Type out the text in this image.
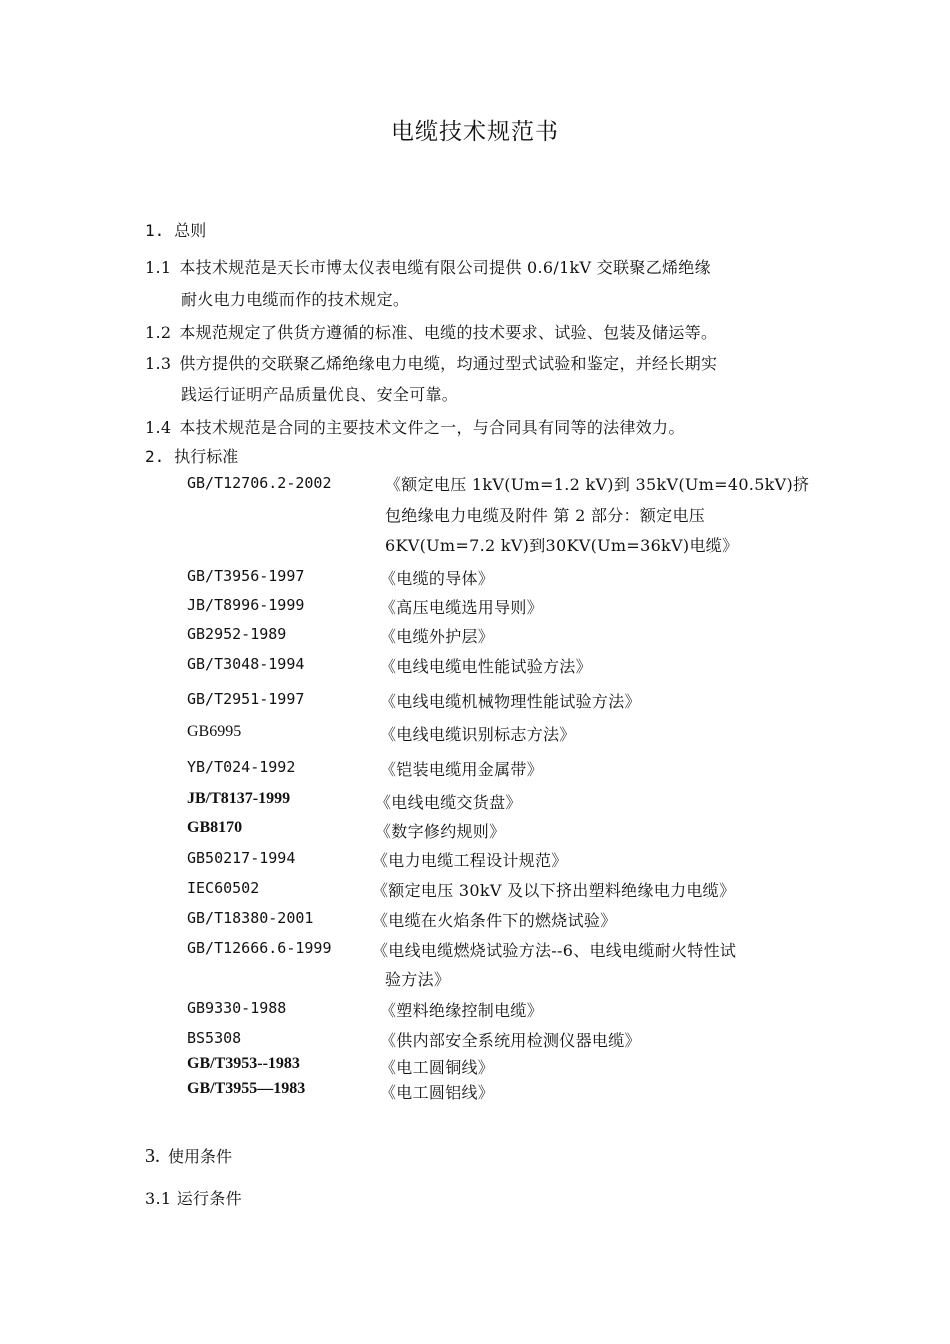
电缆技术规范书
1. 总则
1.1 本技术规范是天长市博太仪表电缆有限公司提供 0.6/1kV 交联聚乙烯绝缘
耐火电力电缆而作的技术规定。
1.2 本规范规定了供货方遵循的标准、电缆的技术要求、试验、包装及储运等。
1.3 供方提供的交联聚乙烯绝缘电力电缆，均通过型式试验和鉴定，并经长期实
践运行证明产品质量优良、安全可靠。
1.4 本技术规范是合同的主要技术文件之一，与合同具有同等的法律效力。
2. 执行标准
GB/T12706.2-2002	《额定电压 1kV(Um=1.2 kV)到 35kV(Um=40.5kV)挤
包绝缘电力电缆及附件 第 2 部分：额定电压
6KV(Um=7.2 kV)到30KV(Um=36kV)电缆》
GB/T3956-1997	《电缆的导体》
JB/T8996-1999	《高压电缆选用导则》
GB2952-1989	《电缆外护层》
GB/T3048-1994	《电线电缆电性能试验方法》
GB/T2951-1997	《电线电缆机械物理性能试验方法》
GB6995	《电线电缆识别标志方法》
YB/T024-1992	《铠装电缆用金属带》
JB/T8137-1999	《电线电缆交货盘》
GB8170	《数字修约规则》
GB50217-1994	《电力电缆工程设计规范》
IEC60502	《额定电压 30kV 及以下挤出塑料绝缘电力电缆》
GB/T18380-2001	《电缆在火焰条件下的燃烧试验》
GB/T12666.6-1999	《电线电缆燃烧试验方法--6、电线电缆耐火特性试
验方法》
GB9330-1988	《塑料绝缘控制电缆》
BS5308	《供内部安全系统用检测仪器电缆》
GB/T3953--1983	《电工圆铜线》
GB/T3955—1983	《电工圆铝线》
3. 使用条件
3.1 运行条件
